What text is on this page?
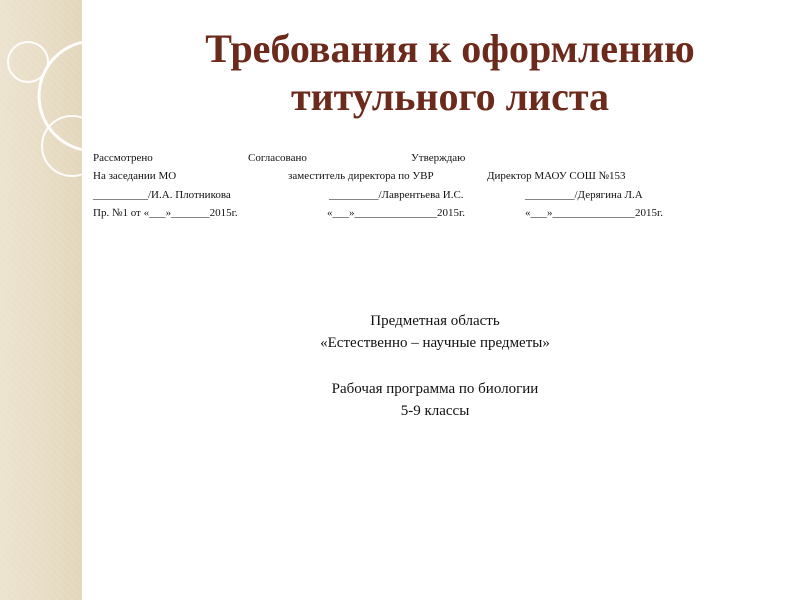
Требования к оформлению
титульного листа
Рассмотрено	Согласовано	Утверждаю
На заседании МО	заместитель директора по УВР	Директор МАОУ СОШ №153
__________/И.А. Плотникова	_________/Лаврентьева И.С.	_________/Дерягина Л.А
Пр. №1 от «___»_______2015г.	«___»_______________2015г.	«___»_______________2015г.
Предметная область
«Естественно – научные предметы»
Рабочая программа по биологии
5-9 классы
